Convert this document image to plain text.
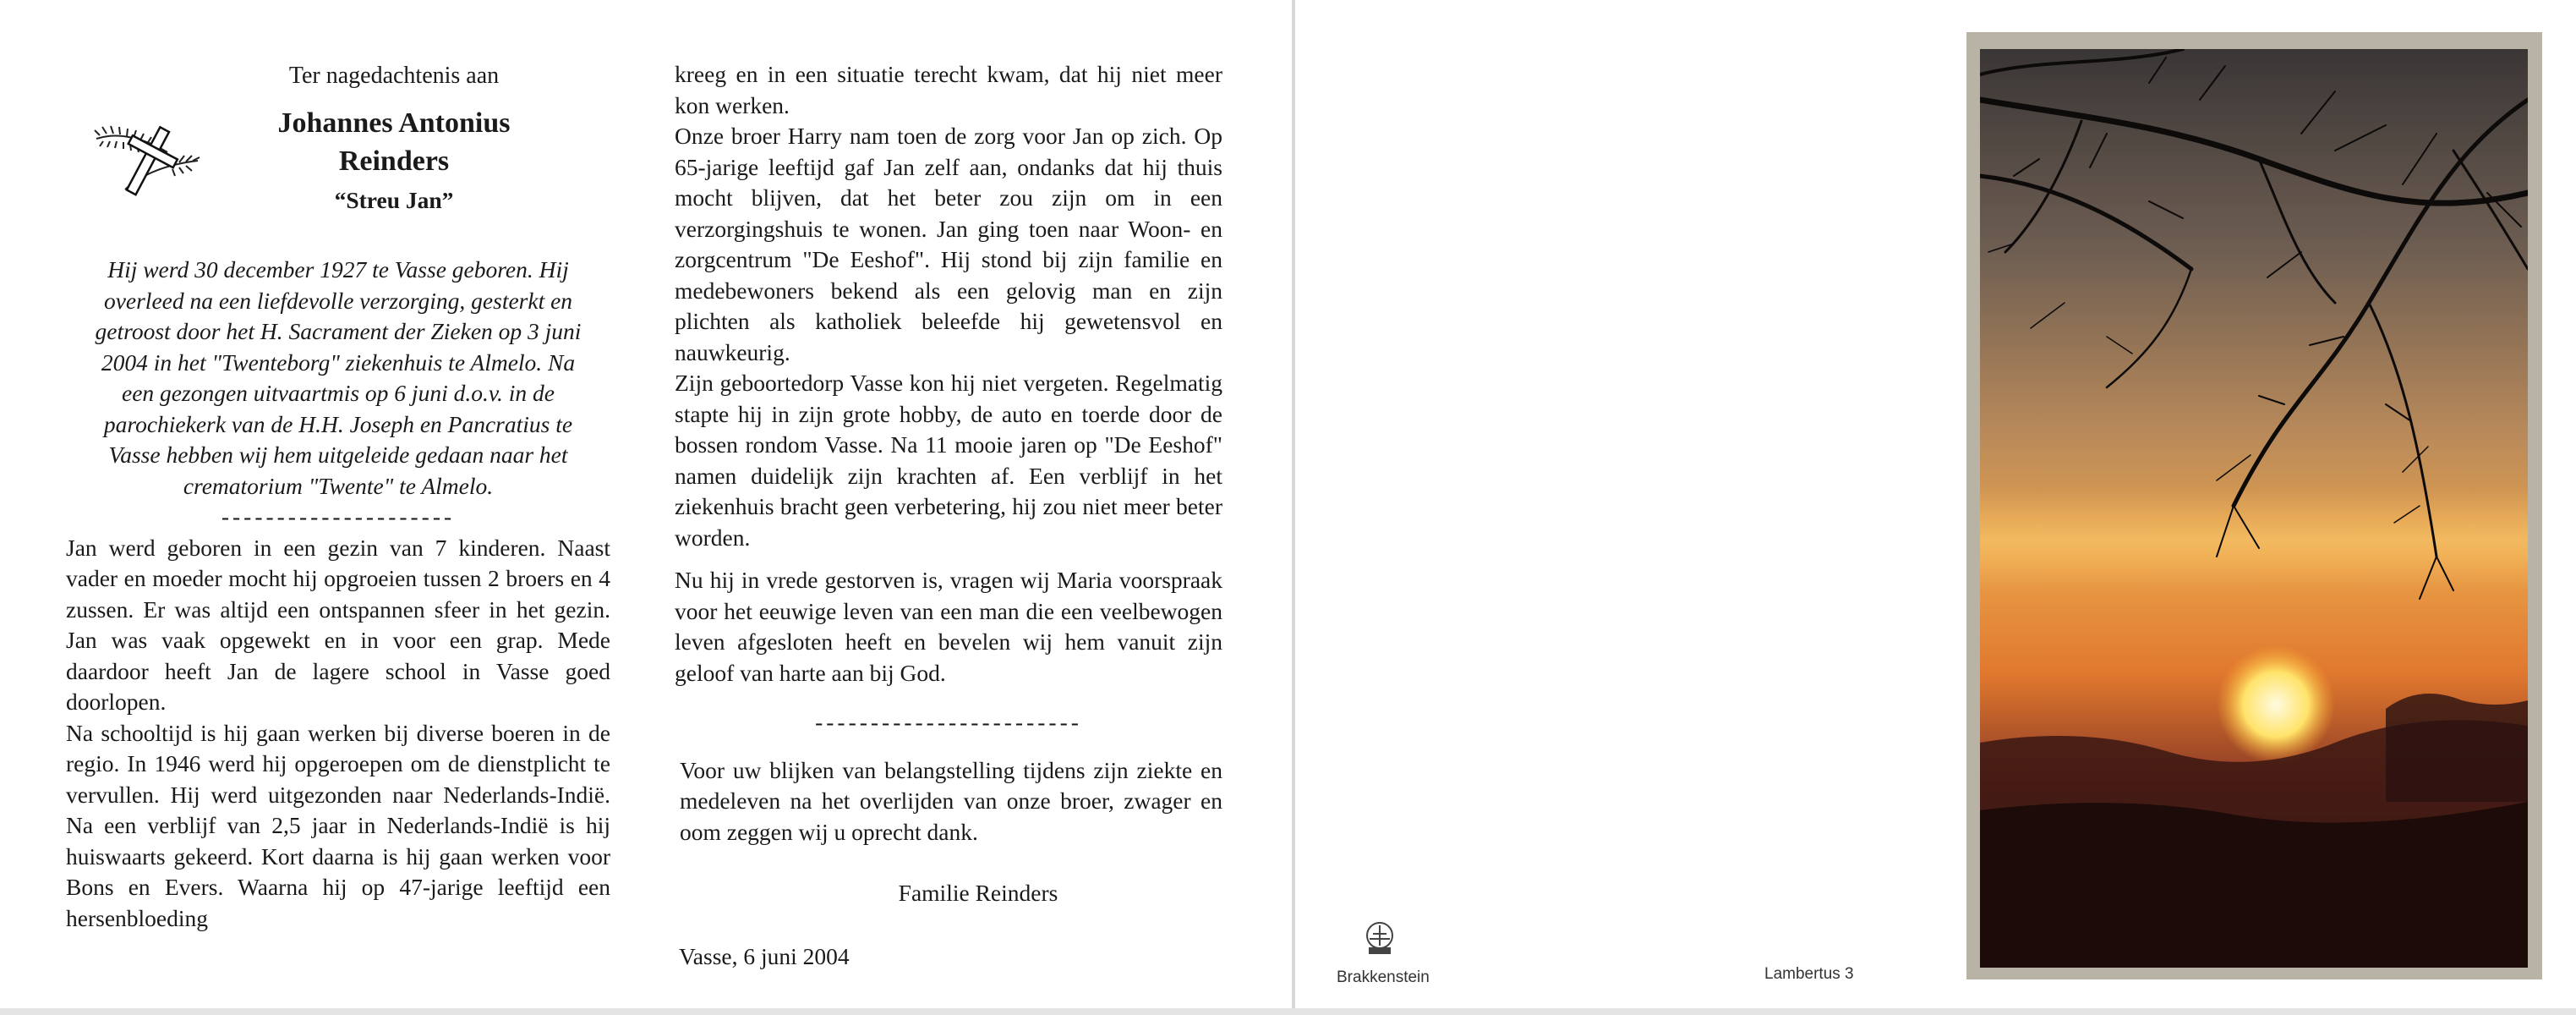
Ter nagedachtenis aan
Johannes Antonius
Reinders
“Streu Jan”

Hij werd 30 december 1927 te Vasse geboren. Hij overleed na een liefdevolle verzorging, gesterkt en getroost door het H. Sacrament der Zieken op 3 juni 2004 in het "Twenteborg" ziekenhuis te Almelo. Na een gezongen uitvaartmis op 6 juni d.o.v. in de parochiekerk van de H.H. Joseph en Pancratius te Vasse hebben wij hem uitgeleide gedaan naar het crematorium "Twente" te Almelo.

---------------------

Jan werd geboren in een gezin van 7 kinderen. Naast vader en moeder mocht hij opgroeien tussen 2 broers en 4 zussen. Er was altijd een ontspannen sfeer in het gezin. Jan was vaak opgewekt en in voor een grap. Mede daardoor heeft Jan de lagere school in Vasse goed doorlopen.

Na schooltijd is hij gaan werken bij diverse boeren in de regio. In 1946 werd hij opgeroepen om de dienstplicht te vervullen. Hij werd uitgezonden naar Nederlands-Indië. Na een verblijf van 2,5 jaar in Nederlands-Indië is hij huiswaarts gekeerd. Kort daarna is hij gaan werken voor Bons en Evers. Waarna hij op 47-jarige leeftijd een hersenbloeding

kreeg en in een situatie terecht kwam, dat hij niet meer kon werken.

Onze broer Harry nam toen de zorg voor Jan op zich. Op 65-jarige leeftijd gaf Jan zelf aan, ondanks dat hij thuis mocht blijven, dat het beter zou zijn om in een verzorgingshuis te wonen. Jan ging toen naar Woon- en zorgcentrum "De Eeshof". Hij stond bij zijn familie en medebewoners bekend als een gelovig man en zijn plichten als katholiek beleefde hij gewetensvol en nauwkeurig.

Zijn geboortedorp Vasse kon hij niet vergeten. Regelmatig stapte hij in zijn grote hobby, de auto en toerde door de bossen rondom Vasse. Na 11 mooie jaren op "De Eeshof" namen duidelijk zijn krachten af. Een verblijf in het ziekenhuis bracht geen verbetering, hij zou niet meer beter worden.

Nu hij in vrede gestorven is, vragen wij Maria voorspraak voor het eeuwige leven van een man die een veelbewogen leven afgesloten heeft en bevelen wij hem vanuit zijn geloof van harte aan bij God.

------------------------

Voor uw blijken van belangstelling tijdens zijn ziekte en medeleven na het overlijden van onze broer, zwager en oom zeggen wij u oprecht dank.

Familie Reinders
Vasse, 6 juni 2004
Brakkenstein	Lambertus 3
